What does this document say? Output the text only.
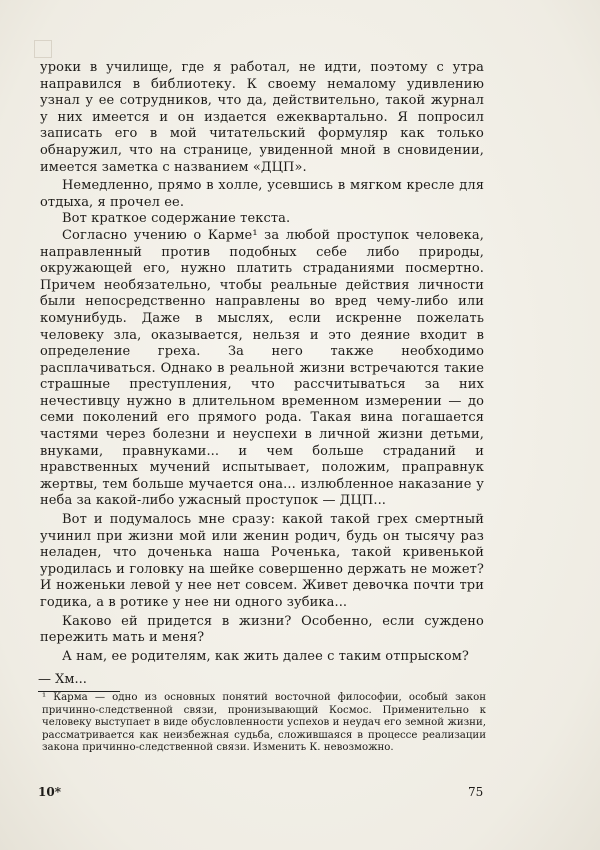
уроки в училище, где я работал, не идти, поэтому с утра направился в библиотеку. К своему немалому удивлению узнал у ее сотрудников, что да, действительно, такой журнал у них имеется и он издается ежеквартально. Я попросил записать его в мой читательский формуляр как только обнаружил, что на странице, увиденной мной в сновидении, имеется заметка с названием «ДЦП».

Немедленно, прямо в холле, усевшись в мягком кресле для отдыха, я прочел ее.

Вот краткое содержание текста.

Согласно учению о Карме¹ за любой проступок человека, направленный против подобных себе либо природы, окружающей его, нужно платить страданиями посмертно. Причем необязательно, чтобы реальные действия личности были непосредственно направлены во вред чему-либо или комунибудь. Даже в мыслях, если искренне пожелать человеку зла, оказывается, нельзя и это деяние входит в определение греха. За него также необходимо расплачиваться. Однако в реальной жизни встречаются такие страшные преступления, что рассчитываться за них нечестивцу нужно в длительном временном измерении — до семи поколений его прямого рода. Такая вина погашается частями через болезни и неуспехи в личной жизни детьми, внуками, правнуками... и чем больше страданий и нравственных мучений испытывает, положим, праправнук жертвы, тем больше мучается она... излюбленное наказание у неба за какой-либо ужасный проступок — ДЦП...

Вот и подумалось мне сразу: какой такой грех смертный учинил при жизни мой или женин родич, будь он тысячу раз неладен, что доченька наша Роченька, такой кривенькой уродилась и головку на шейке совершенно держать не может? И ноженьки левой у нее нет совсем. Живет девочка почти три годика, а в ротике у нее ни одного зубика...

Каково ей придется в жизни? Особенно, если суждено пережить мать и меня?

А нам, ее родителям, как жить далее с таким отпрыском?

— Хм...

¹ Карма — одно из основных понятий восточной философии, особый закон причинно-следственной связи, пронизывающий Космос. Применительно к человеку выступает в виде обусловленности успехов и неудач его земной жизни, рассматривается как неизбежная судьба, сложившаяся в процессе реализации закона причинно-следственной связи. Изменить К. невозможно.

10*	75
